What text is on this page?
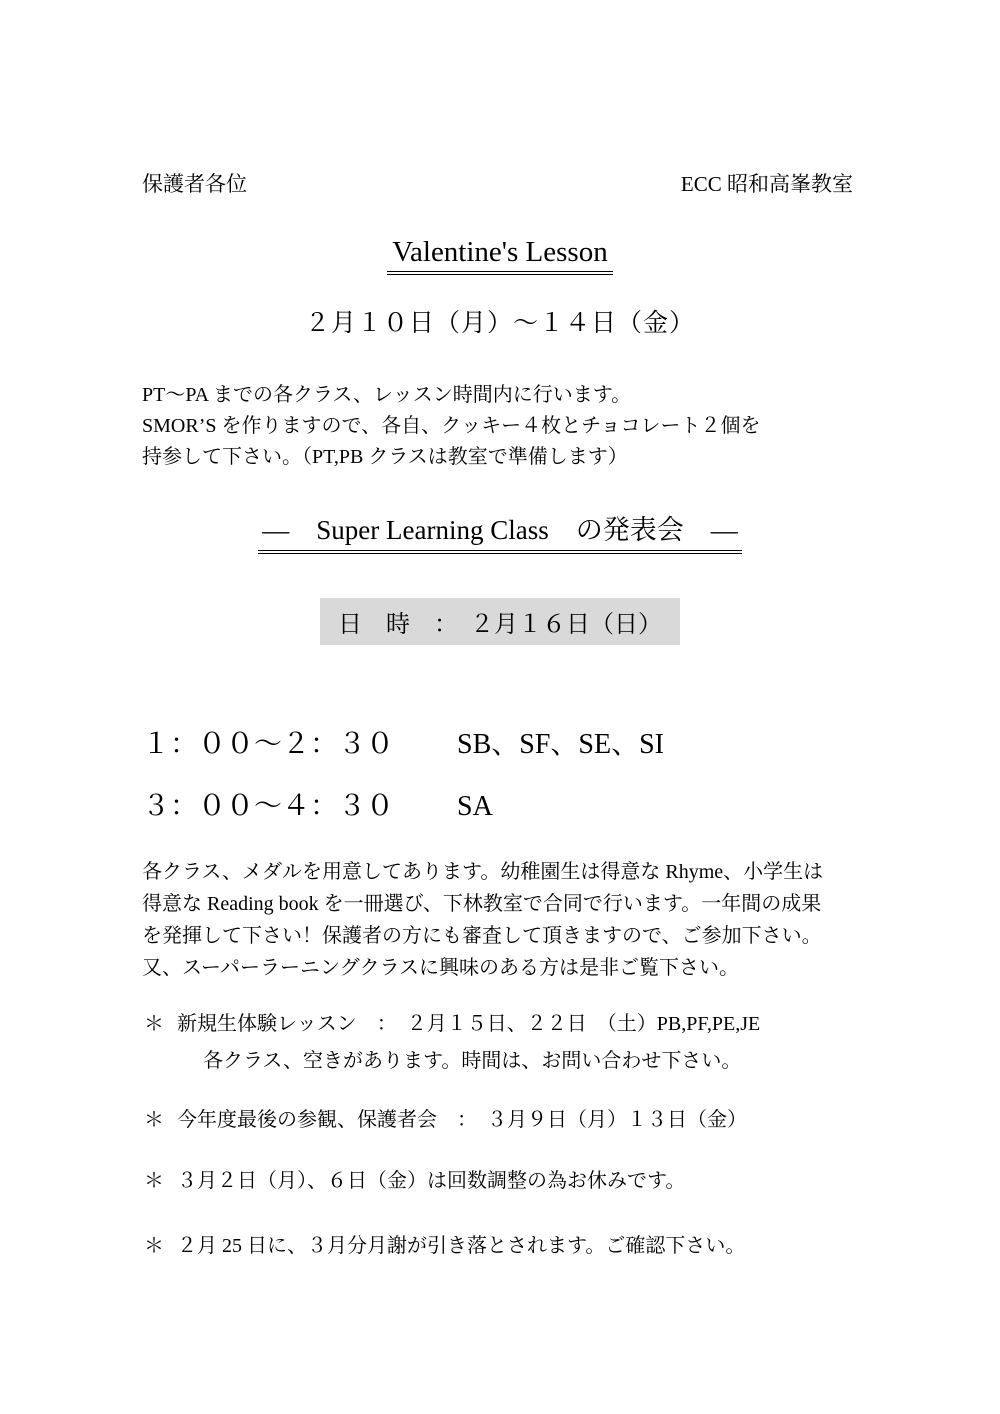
保護者各位	ECC 昭和高峯教室
Valentine's Lesson
２月１０日（月）～１４日（金）
PT～PA までの各クラス、レッスン時間内に行います。
SMOR’S を作りますので、各自、クッキー４枚とチョコレート２個を
持参して下さい。（PT,PB クラスは教室で準備します）
―　Super Learning Class　の発表会　―
日　時　：　２月１６日（日）
１：００～２：３０ SB、SF、SE、SI
３：００～４：３０ SA
各クラス、メダルを用意してあります。幼稚園生は得意な Rhyme、小学生は
得意な Reading book を一冊選び、下林教室で合同で行います。一年間の成果
を発揮して下さい！保護者の方にも審査して頂きますので、ご参加下さい。
又、スーパーラーニングクラスに興味のある方は是非ご覧下さい。
＊ 新規生体験レッスン　：　２月１５日、２２日　（土）PB,PF,PE,JE
各クラス、空きがあります。時間は、お問い合わせ下さい。
＊ 今年度最後の参観、保護者会　：　３月９日（月）１３日（金）
＊ ３月２日（月）、６日（金）は回数調整の為お休みです。
＊ ２月 25 日に、３月分月謝が引き落とされます。ご確認下さい。
